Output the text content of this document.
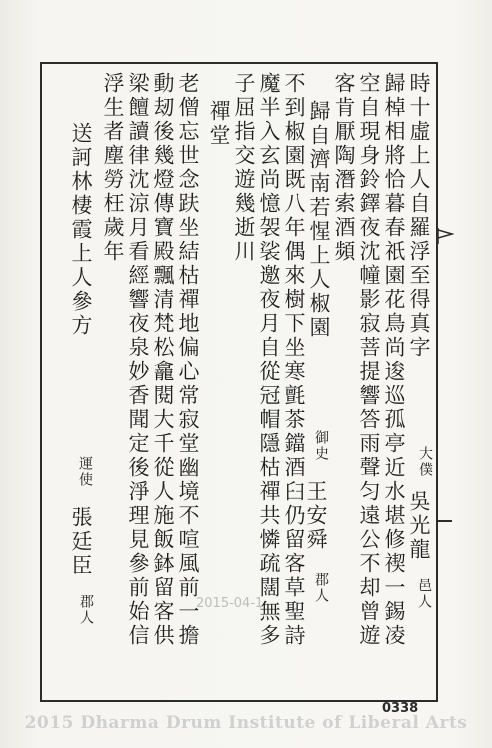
時十虛上人自羅浮至得真字
歸棹相將恰暮春祇園花鳥尚逡巡孤亭近水堪修禊一錫凌
空自現身鈴鐸夜沈幢影寂菩提響答雨聲匀遠公不却曾遊
客肯厭陶潛索酒頻
歸自濟南若惺上人椒園
不到椒園既八年偶來樹下坐寒氈茶鐺酒臼仍留客草聖詩
魔半入玄尚憶袈裟邀夜月自從冠帽隱枯禪共憐疏闊無多
子屈指交遊幾逝川
禪堂
老僧忘世念趺坐結枯禪地偏心常寂堂幽境不喧風前一擔
動刼後幾燈傳寶殿飄清梵松龕閱大千從人施飯鉢留客供
梁饘讀律沈涼月看經響夜泉妙香聞定後淨理見參前始信
浮生者塵勞枉歲年
送訶林棲霞上人參方
大僕
吳光龍
邑人
御史
王安舜
郡人
運使
張廷臣
郡人	2015-04-1
0338
2015 Dharma Drum Institute of Liberal Arts
